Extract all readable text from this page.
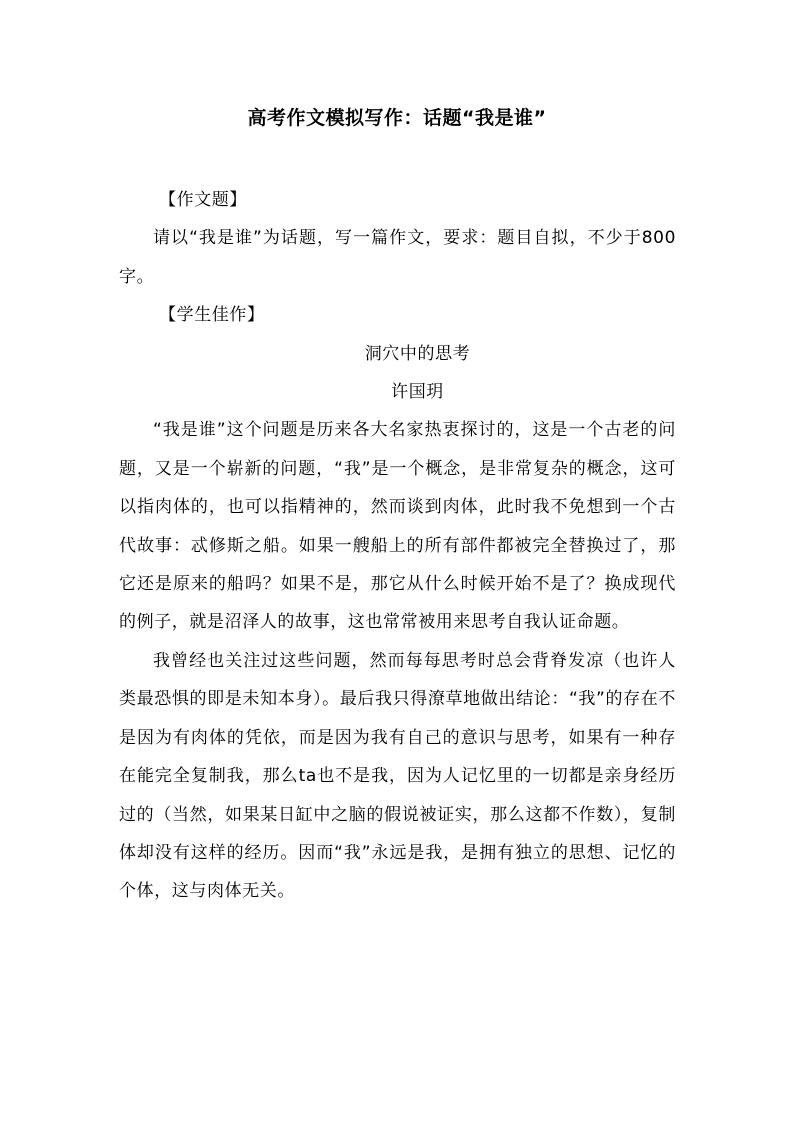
高考作文模拟写作：话题“我是谁”

【作文题】

请以“我是谁”为话题，写一篇作文，要求：题目自拟，不少于800字。

【学生佳作】

洞穴中的思考

许国玥

“我是谁”这个问题是历来各大名家热衷探讨的，这是一个古老的问题，又是一个崭新的问题，“我”是一个概念，是非常复杂的概念，这可以指肉体的，也可以指精神的，然而谈到肉体，此时我不免想到一个古代故事：忒修斯之船。如果一艘船上的所有部件都被完全替换过了，那它还是原来的船吗？如果不是，那它从什么时候开始不是了？换成现代的例子，就是沼泽人的故事，这也常常被用来思考自我认证命题。

我曾经也关注过这些问题，然而每每思考时总会背脊发凉（也许人类最恐惧的即是未知本身）。最后我只得潦草地做出结论：“我”的存在不是因为有肉体的凭依，而是因为我有自己的意识与思考，如果有一种存在能完全复制我，那么ta也不是我，因为人记忆里的一切都是亲身经历过的（当然，如果某日缸中之脑的假说被证实，那么这都不作数），复制体却没有这样的经历。因而“我”永远是我，是拥有独立的思想、记忆的个体，这与肉体无关。
